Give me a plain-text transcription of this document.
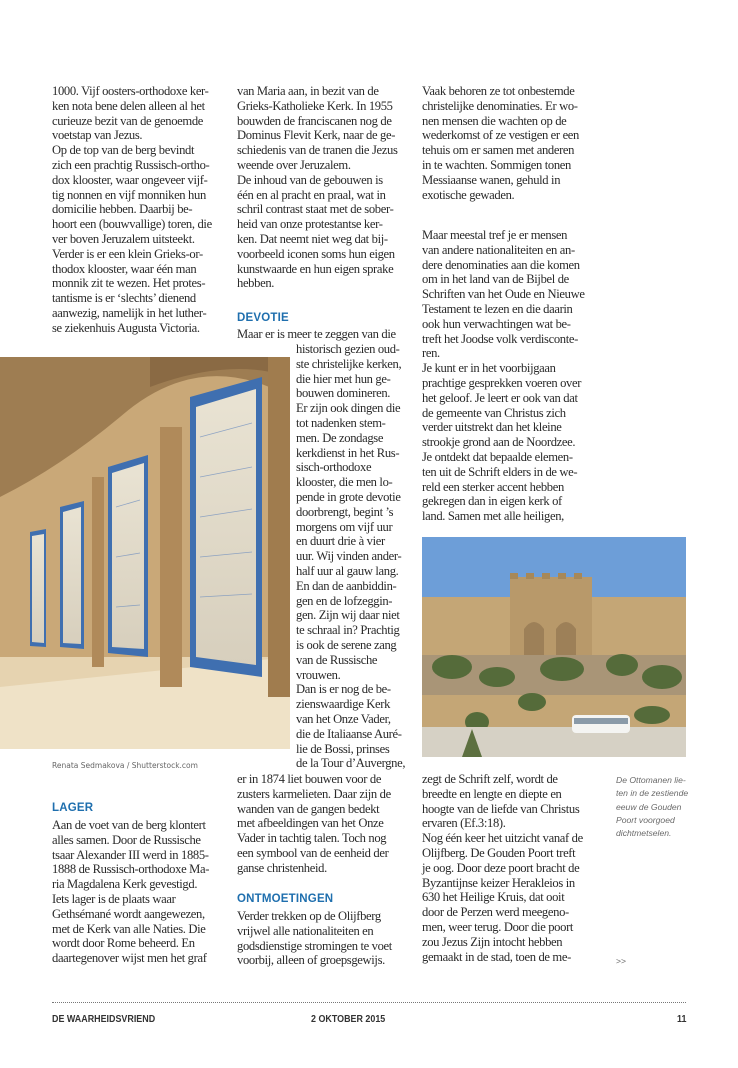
1000. Vijf oosters-orthodoxe ker-
ken nota bene delen alleen al het
curieuze bezit van de genoemde
voetstap van Jezus.
Op de top van de berg bevindt
zich een prachtig Russisch-ortho-
dox klooster, waar ongeveer vijf-
tig nonnen en vijf monniken hun
domicilie hebben. Daarbij be-
hoort een (bouwvallige) toren, die
ver boven Jeruzalem uitsteekt.
Verder is er een klein Grieks-or-
thodox klooster, waar één man
monnik zit te wezen. Het protes-
tantisme is er ‘slechts’ dienend
aanwezig, namelijk in het luther-
se ziekenhuis Augusta Victoria.

Renata Sedmakova / Shutterstock.com
LAGER

Aan de voet van de berg klontert
alles samen. Door de Russische
tsaar Alexander III werd in 1885-
1888 de Russisch-orthodoxe Ma-
ria Magdalena Kerk gevestigd.
Iets lager is de plaats waar
Gethsémané wordt aangewezen,
met de Kerk van alle Naties. Die
wordt door Rome beheerd. En
daartegenover wijst men het graf

van Maria aan, in bezit van de
Grieks-Katholieke Kerk. In 1955
bouwden de franciscanen nog de
Dominus Flevit Kerk, naar de ge-
schiedenis van de tranen die Jezus
weende over Jeruzalem.
De inhoud van de gebouwen is
één en al pracht en praal, wat in
schril contrast staat met de sober-
heid van onze protestantse ker-
ken. Dat neemt niet weg dat bij-
voorbeeld iconen soms hun eigen
kunstwaarde en hun eigen sprake
hebben.

DEVOTIE

Maar er is meer te zeggen van die

historisch gezien oud-
ste christelijke kerken,
die hier met hun ge-
bouwen domineren.
Er zijn ook dingen die
tot nadenken stem-
men. De zondagse
kerkdienst in het Rus-
sisch-orthodoxe
klooster, die men lo-
pende in grote devotie
doorbrengt, begint ’s
morgens om vijf uur
en duurt drie à vier
uur. Wij vinden ander-
half uur al gauw lang.
En dan de aanbiddin-
gen en de lofzeggin-
gen. Zijn wij daar niet
te schraal in? Prachtig
is ook de serene zang
van de Russische
vrouwen.
Dan is er nog de be-
zienswaardige Kerk
van het Onze Vader,
die de Italiaanse Auré-
lie de Bossi, prinses
de la Tour d’Auvergne,

er in 1874 liet bouwen voor de
zusters karmelieten. Daar zijn de
wanden van de gangen bedekt
met afbeeldingen van het Onze
Vader in tachtig talen. Toch nog
een symbool van de eenheid der
ganse christenheid.

ONTMOETINGEN

Verder trekken op de Olijfberg
vrijwel alle nationaliteiten en
godsdienstige stromingen te voet
voorbij, alleen of groepsgewijs.

Vaak behoren ze tot onbestemde
christelijke denominaties. Er wo-
nen mensen die wachten op de
wederkomst of ze vestigen er een
tehuis om er samen met anderen
in te wachten. Sommigen tonen
Messiaanse wanen, gehuld in
exotische gewaden.

Maar meestal tref je er mensen
van andere nationaliteiten en an-
dere denominaties aan die komen
om in het land van de Bijbel de
Schriften van het Oude en Nieuwe
Testament te lezen en die daarin
ook hun verwachtingen wat be-
treft het Joodse volk verdisconte-
ren.
Je kunt er in het voorbijgaan
prachtige gesprekken voeren over
het geloof. Je leert er ook van dat
de gemeente van Christus zich
verder uitstrekt dan het kleine
strookje grond aan de Noordzee.
Je ontdekt dat bepaalde elemen-
ten uit de Schrift elders in de we-
reld een sterker accent hebben
gekregen dan in eigen kerk of
land. Samen met alle heiligen,

zegt de Schrift zelf, wordt de
breedte en lengte en diepte en
hoogte van de liefde van Christus
ervaren (Ef.3:18).
Nog één keer het uitzicht vanaf de
Olijfberg. De Gouden Poort treft
je oog. Door deze poort bracht de
Byzantijnse keizer Herakleios in
630 het Heilige Kruis, dat ooit
door de Perzen werd meegeno-
men, weer terug. Door die poort
zou Jezus Zijn intocht hebben
gemaakt in de stad, toen de me-

De Ottomanen lie-
ten in de zestiende
eeuw de Gouden
Poort voorgoed
dichtmetselen.
>>
DE WAARHEIDSVRIEND	2 OKTOBER 2015	11
